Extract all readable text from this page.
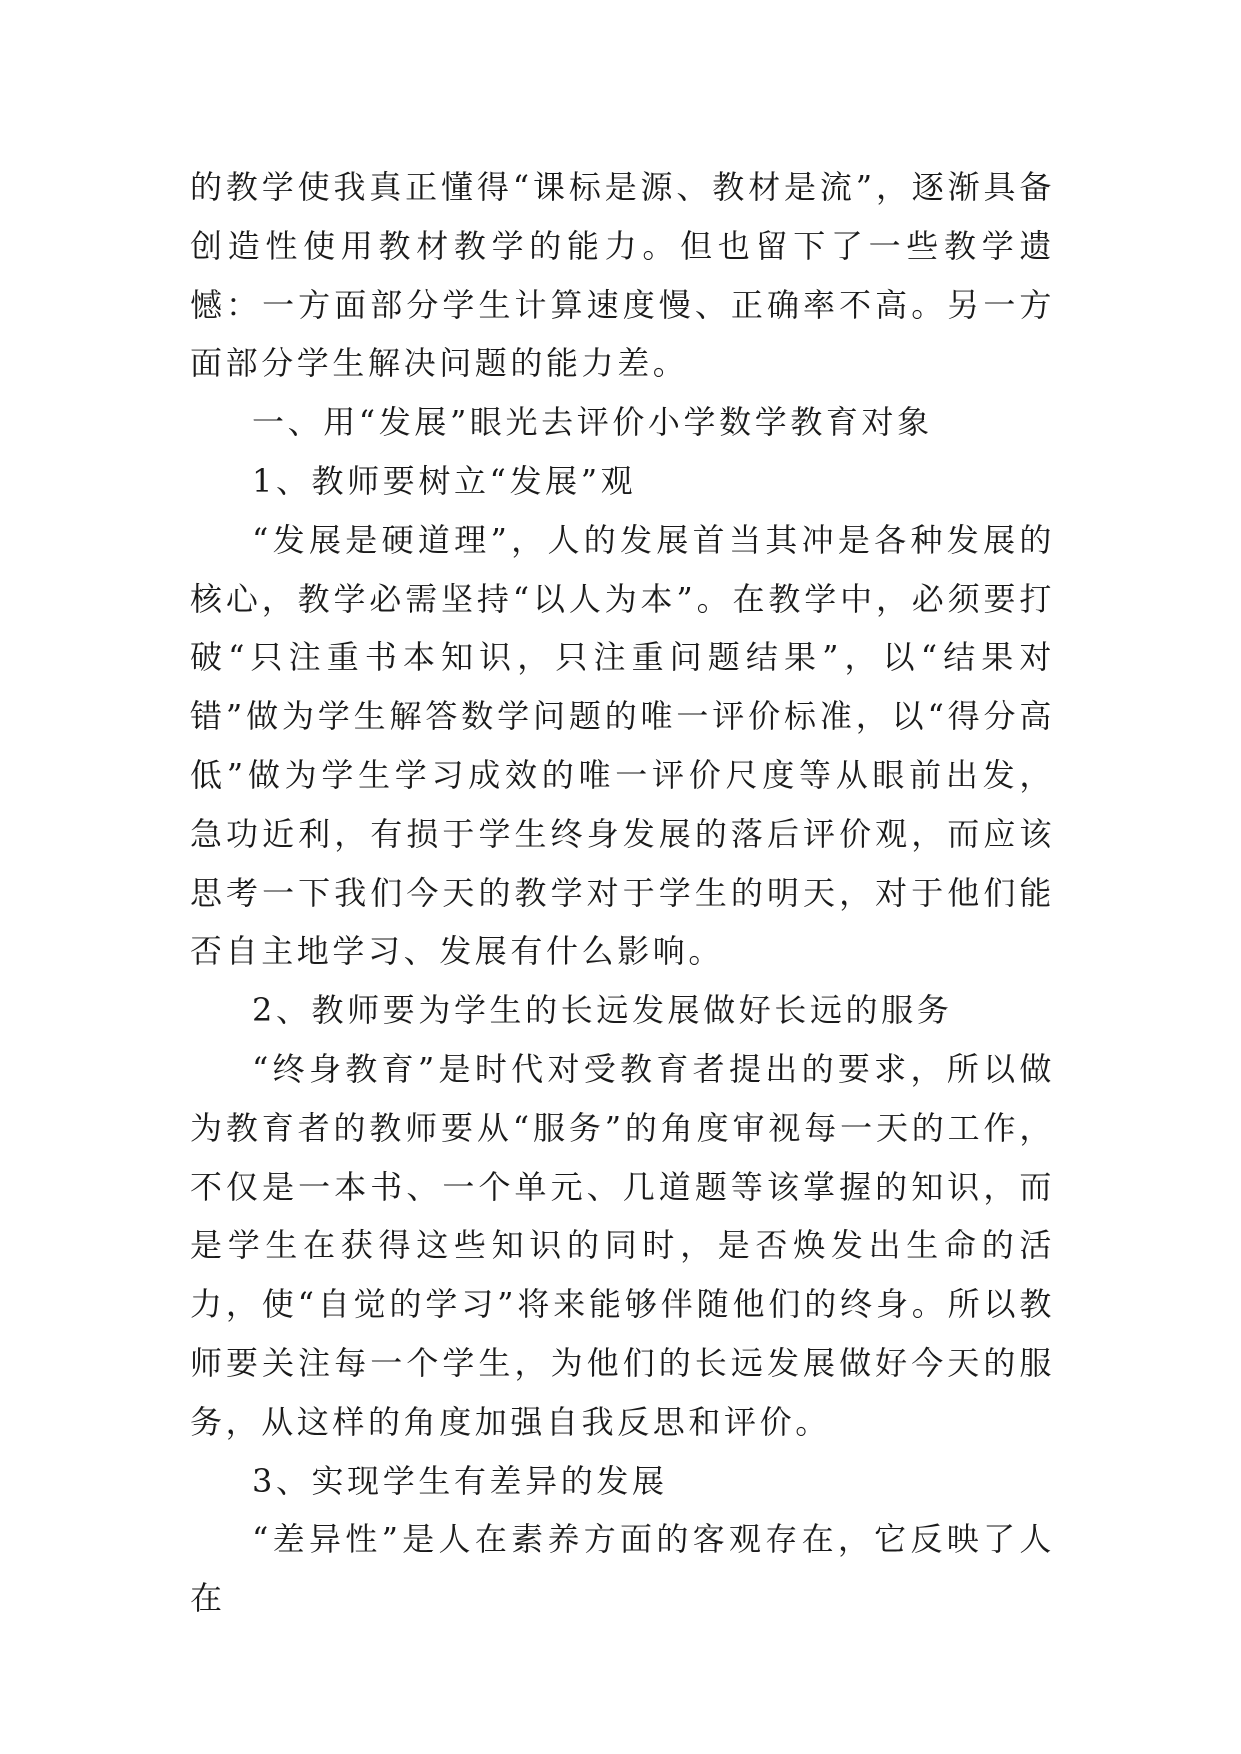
的教学使我真正懂得“课标是源、教材是流”，逐渐具备创造性使用教材教学的能力。但也留下了一些教学遗憾：一方面部分学生计算速度慢、正确率不高。另一方面部分学生解决问题的能力差。

一、用“发展”眼光去评价小学数学教育对象

1、教师要树立“发展”观

“发展是硬道理”，人的发展首当其冲是各种发展的核心，教学必需坚持“以人为本”。在教学中，必须要打破“只注重书本知识，只注重问题结果”，以“结果对错”做为学生解答数学问题的唯一评价标准，以“得分高低”做为学生学习成效的唯一评价尺度等从眼前出发，急功近利，有损于学生终身发展的落后评价观，而应该思考一下我们今天的教学对于学生的明天，对于他们能否自主地学习、发展有什么影响。

2、教师要为学生的长远发展做好长远的服务

“终身教育”是时代对受教育者提出的要求，所以做为教育者的教师要从“服务”的角度审视每一天的工作，不仅是一本书、一个单元、几道题等该掌握的知识，而是学生在获得这些知识的同时，是否焕发出生命的活力，使“自觉的学习”将来能够伴随他们的终身。所以教师要关注每一个学生，为他们的长远发展做好今天的服务，从这样的角度加强自我反思和评价。

3、实现学生有差异的发展

“差异性”是人在素养方面的客观存在，它反映了人在
